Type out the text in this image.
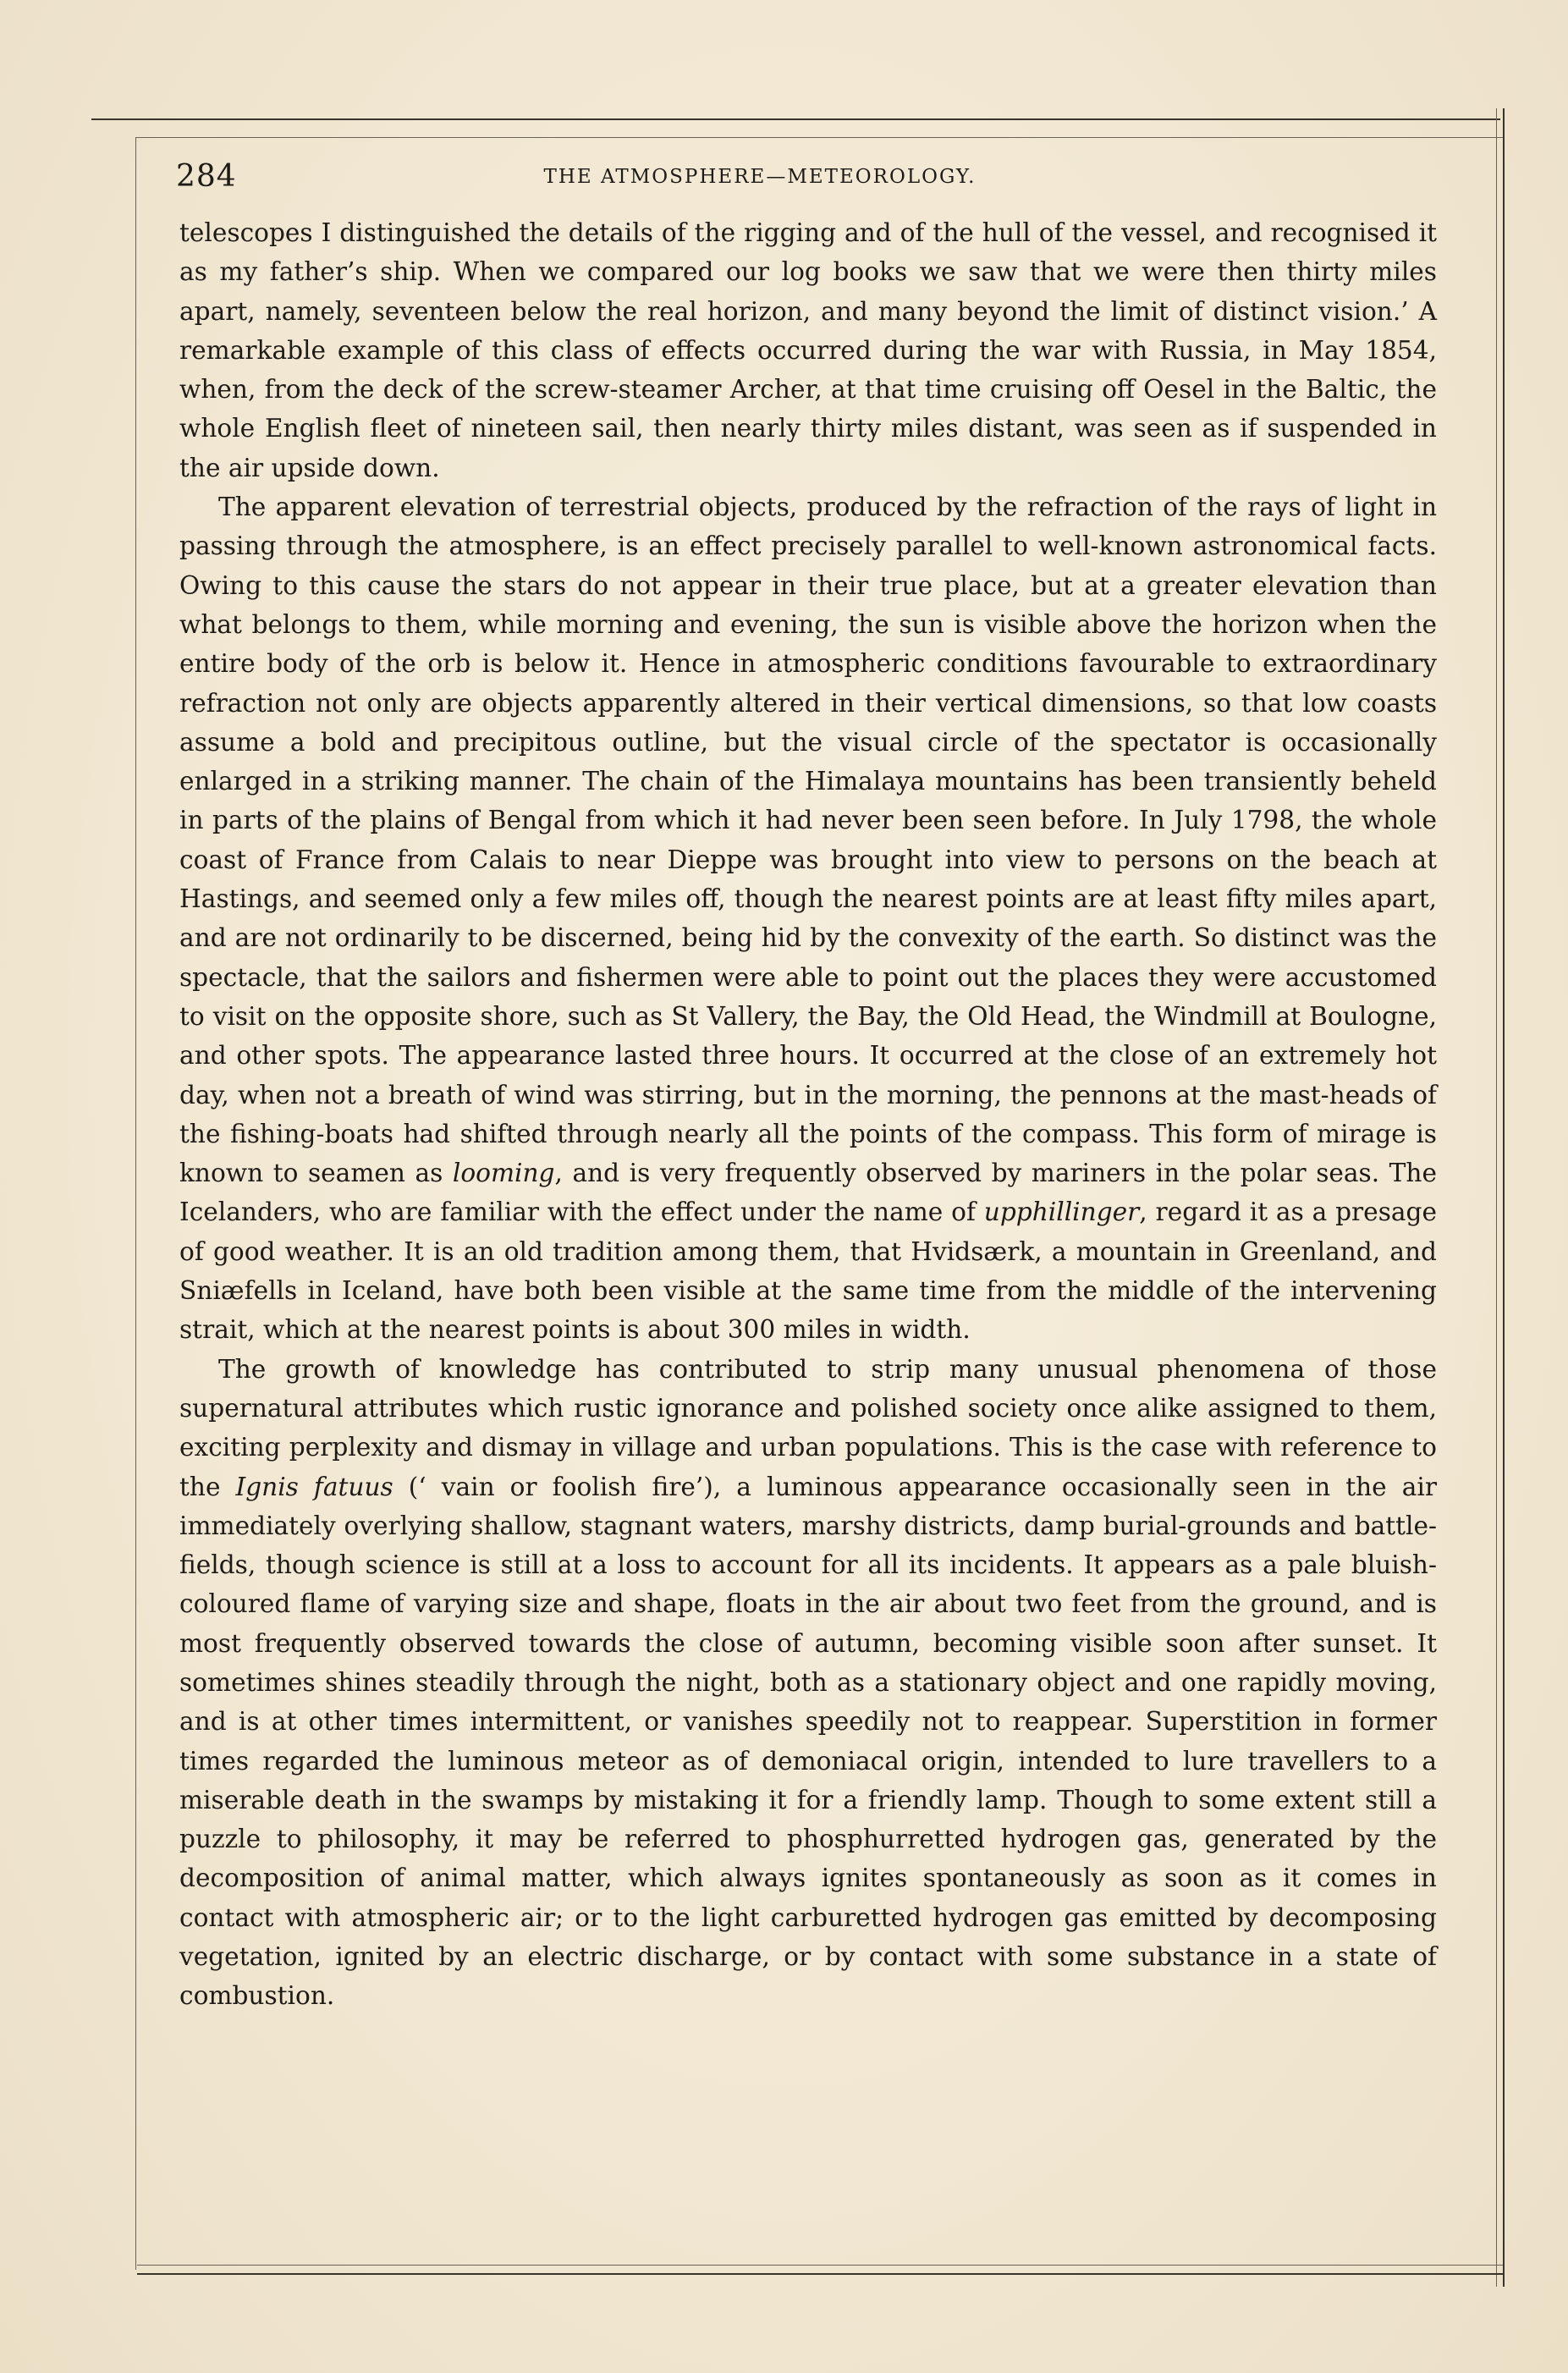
284	THE ATMOSPHERE—METEOROLOGY.

telescopes I distinguished the details of the rigging and of the hull of the vessel, and recognised it as my father’s ship. When we compared our log books we saw that we were then thirty miles apart, namely, seventeen below the real horizon, and many beyond the limit of distinct vision.’ A remarkable example of this class of effects occurred during the war with Russia, in May 1854, when, from the deck of the screw-steamer Archer, at that time cruising off Oesel in the Baltic, the whole English fleet of nineteen sail, then nearly thirty miles distant, was seen as if suspended in the air upside down.

The apparent elevation of terrestrial objects, produced by the refraction of the rays of light in passing through the atmosphere, is an effect precisely parallel to well-known astronomical facts. Owing to this cause the stars do not appear in their true place, but at a greater elevation than what belongs to them, while morning and evening, the sun is visible above the horizon when the entire body of the orb is below it. Hence in atmospheric conditions favourable to extraordinary refraction not only are objects apparently altered in their vertical dimensions, so that low coasts assume a bold and precipitous outline, but the visual circle of the spectator is occasionally enlarged in a striking manner. The chain of the Himalaya mountains has been transiently beheld in parts of the plains of Bengal from which it had never been seen before. In July 1798, the whole coast of France from Calais to near Dieppe was brought into view to persons on the beach at Hastings, and seemed only a few miles off, though the nearest points are at least fifty miles apart, and are not ordinarily to be discerned, being hid by the convexity of the earth. So distinct was the spectacle, that the sailors and fishermen were able to point out the places they were accustomed to visit on the opposite shore, such as St Vallery, the Bay, the Old Head, the Windmill at Boulogne, and other spots. The appearance lasted three hours. It occurred at the close of an extremely hot day, when not a breath of wind was stirring, but in the morning, the pennons at the mast-heads of the fishing-boats had shifted through nearly all the points of the compass. This form of mirage is known to seamen as looming, and is very frequently observed by mariners in the polar seas. The Icelanders, who are familiar with the effect under the name of upphillinger, regard it as a presage of good weather. It is an old tradition among them, that Hvidsærk, a mountain in Greenland, and Sniæfells in Iceland, have both been visible at the same time from the middle of the intervening strait, which at the nearest points is about 300 miles in width.

The growth of knowledge has contributed to strip many unusual phenomena of those supernatural attributes which rustic ignorance and polished society once alike assigned to them, exciting perplexity and dismay in village and urban populations. This is the case with reference to the Ignis fatuus (‘ vain or foolish fire’), a luminous appearance occasionally seen in the air immediately overlying shallow, stagnant waters, marshy districts, damp burial-grounds and battle-fields, though science is still at a loss to account for all its incidents. It appears as a pale bluish-coloured flame of varying size and shape, floats in the air about two feet from the ground, and is most frequently observed towards the close of autumn, becoming visible soon after sunset. It sometimes shines steadily through the night, both as a stationary object and one rapidly moving, and is at other times intermittent, or vanishes speedily not to reappear. Superstition in former times regarded the luminous meteor as of demoniacal origin, intended to lure travellers to a miserable death in the swamps by mistaking it for a friendly lamp. Though to some extent still a puzzle to philosophy, it may be referred to phosphurretted hydrogen gas, generated by the decomposition of animal matter, which always ignites spontaneously as soon as it comes in contact with atmospheric air; or to the light carburetted hydrogen gas emitted by decomposing vegetation, ignited by an electric discharge, or by contact with some substance in a state of combustion.
